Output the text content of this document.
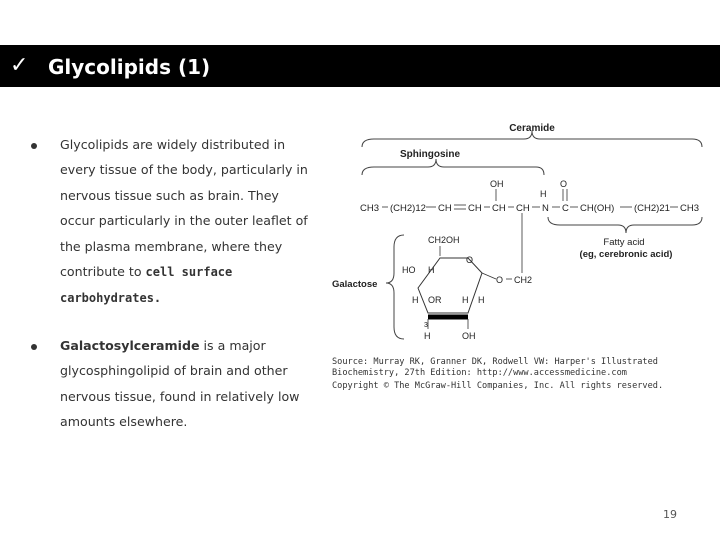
✓ Glycolipids (1)
Glycolipids are widely distributed in every tissue of the body, particularly in nervous tissue such as brain. They occur particularly in the outer leaflet of the plasma membrane, where they contribute to cell surface carbohydrates.
Galactosylceramide is a major glycosphingolipid of brain and other nervous tissue, found in relatively low amounts elsewhere.
Ceramide
Sphingosine
CH3 (CH2)12 CH CH CH CH N C CH(OH) (CH2)21 CH3
OH
H
O
Fatty acid
(eg, cerebronic acid)
Galactose
CH2OH
O
HO H
O CH2
H OR H H
3
H	OH
Source: Murray RK, Granner DK, Rodwell VW: Harper's Illustrated
Biochemistry, 27th Edition: http://www.accessmedicine.com
Copyright © The McGraw-Hill Companies, Inc. All rights reserved.
19
